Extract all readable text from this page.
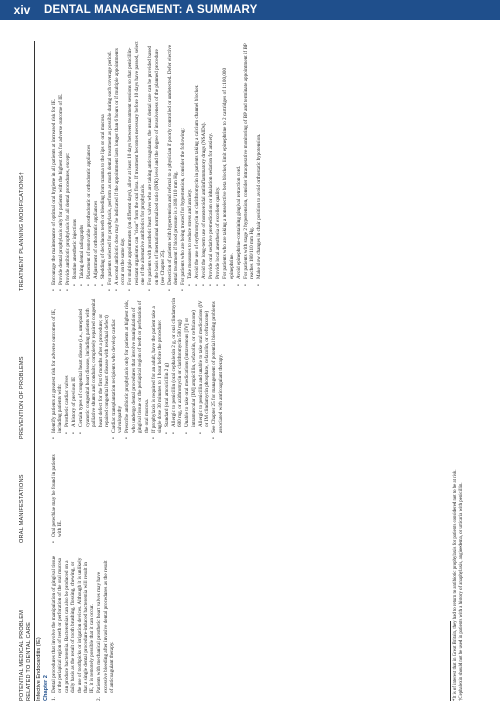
xiv	DENTAL MANAGEMENT: A SUMMARY
POTENTIAL MEDICAL PROBLEM
RELATED TO DENTAL CARE
ORAL MANIFESTATIONS
PREVENTION OF PROBLEMS
TREATMENT PLANNING MODIFICATIONS†
Infective Endocarditis (IE) Chapter 2 1.
Dental procedures that involve the manipulation of gingival tissue or the periapical region of teeth or perforation of the oral mucosa can produce bacteremia. Bacteremias can also be produced on a daily basis as the result of tooth brushing, flossing, chewing, or the use of toothpicks or irrigation devices. Although it is unlikely that a single dental procedure-induced bacteremia will result in IE, it is remotely possible that it can occur.

2.
Patients with mechanical prosthetic heart valves may have excessive bleeding after invasive dental procedures as the result of anticoagulant therapy.

• Oral petechiae may be found in patients with IE.

• Identify patients at greatest risk for adverse outcomes of IE, including patients with: • Prosthetic cardiac valves • A history of previous IE • Certain types of congenital heart disease (i.e., unrepaired cyanotic congenital heart disease, including patients with palliative shunts and conduits; completely repaired congenital heart defect for the first 6 months after a procedure; or repaired congenital heart disease with residual defect) • Cardiac transplantation recipients who develop cardiac valvulopathy • Prescribe antibiotic prophylaxis only for patients at highest risk, who undergo dental procedures that involve manipulation of gingival tissue or the periapical region of teeth or perforation of the oral mucosa. • If prophylaxis is required for an adult, have the patient take a single dose 30 minutes to 1 hour before the procedure: • Standard (oral amoxicillin 2 g) • Allergic to penicillin (oral cephalexin 2 g, or oral clindamycin 600 mg, or azithromycin or clarithromycin 500 mg) • Unable to take oral medications (intravenous [IV] or intramuscular [IM] ampicillin, cefazolin, or ceftriaxone) • Allergic to penicillin and unable to take oral medications (IV or IM clindamycin phosphate, cefazolin, or ceftriaxone) • See Chapter 25 for management of potential bleeding problems associated with anticoagulant therapy.

• Encourage the maintenance of optimal oral hygiene in all patients at increased risk for IE. • Provide dental prophylaxis only for patients with the highest risk for adverse outcome of IE. • Provide antibiotic prophylaxis for all dental procedures, except: • Routine anesthetic injections • Taking dental radiographs • Placement of removable prosthodontic or orthodontic appliances • Adjustment of orthodontic appliances • Shedding of deciduous teeth or bleeding from trauma to the lips or oral mucosa • For patients selected for prophylaxis, perform as much dental treatment as possible during each coverage period. • A second antibiotic dose may be indicated if the appointment lasts longer than 6 hours or if multiple appointments occur on the same day. • For multiple appointments (on different days), allow at least 10 days between treatment sessions so that penicillin-resistant organisms can "clear" from the oral flora. If treatment becomes necessary before 10 days have passed, select one of the alternative antibiotics for prophylaxis. • For patients with prosthetic heart valves who are taking anticoagulants, the usual dental care can be provided based on the basis of international normalized ratio (INR) level and the degree of invasiveness of the planned procedure (see Chapter 25). • Detection of patients with hypertension and referral to a physician if poorly controlled or undetected. Defer elective dental treatment if blood pressure is ≥180/110 mm Hg. • For patients who are being treated for hypertension, consider the following: • Take measures to reduce stress and anxiety. • Avoid the use of erythromycin or clarithromycin in patients taking a calcium channel blocker. • Avoid the long-term use of nonsteroidal antiinflammatory drugs (NSAIDs). • Provide oral sedative premedication or inhalation sedation for anxiety. • Provide local anesthesia of excellent quality. • For patients who are taking a nonselective beta blocker, limit epinephrine to 2 cartridges of 1:100,000 epinephrine. • Avoid epinephrine-containing gingival retraction cord. • For patients with stage 2 hypertension, consider intraoperative monitoring of BP and terminate appointment if BP reaches 180/110 mm Hg. • Make slow changes in chair position to avoid orthostatic hypotension.

*It is of interest that in Great Britain, they had to return to antibiotic prophylaxis for patients considered not to be at risk. †Cephalexin should not be used in patients with a history of anaphylaxis, angioedema, or urticaria with penicillin.
